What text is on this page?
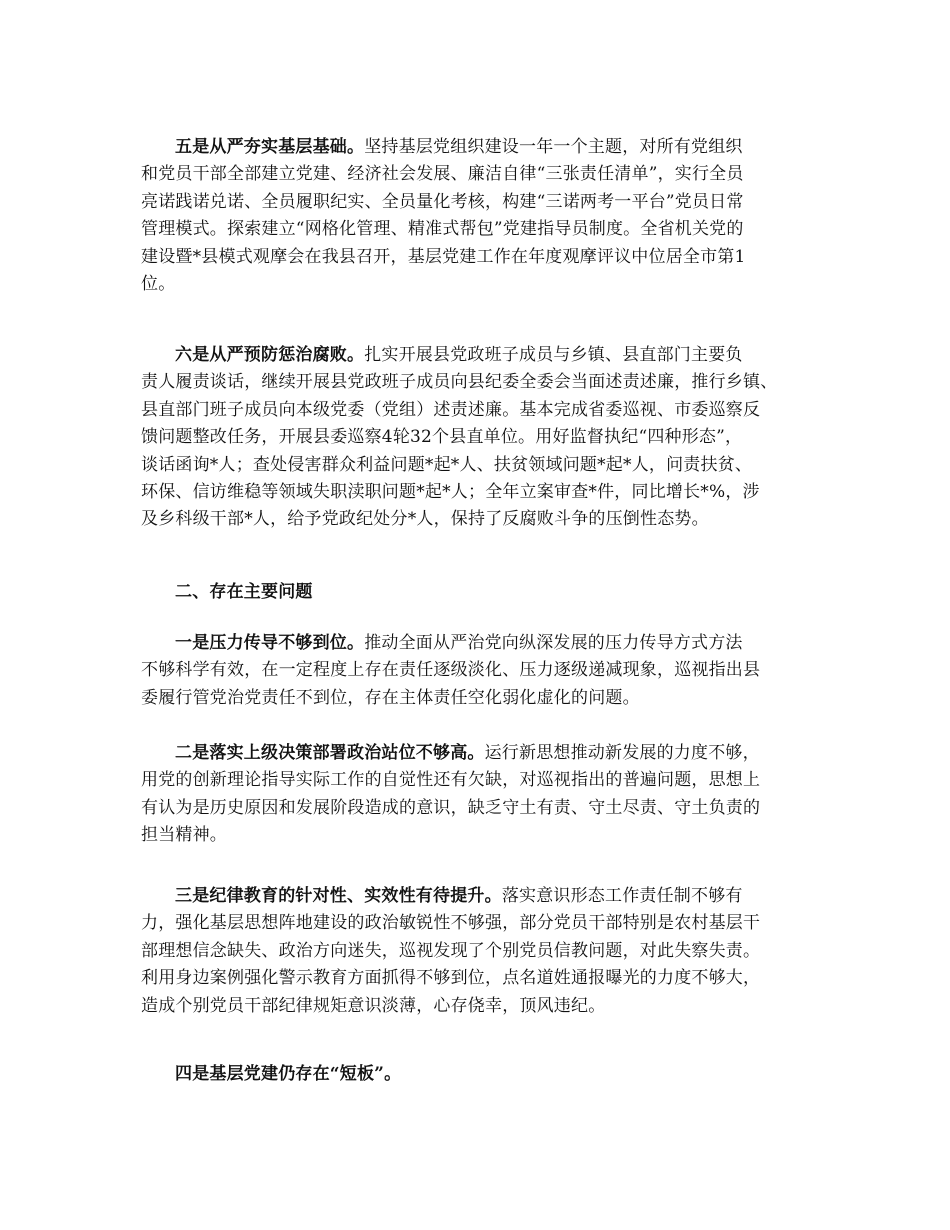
五是从严夯实基层基础。坚持基层党组织建设一年一个主题，对所有党组织
和党员干部全部建立党建、经济社会发展、廉洁自律“三张责任清单”，实行全员
亮诺践诺兑诺、全员履职纪实、全员量化考核，构建“三诺两考一平台”党员日常
管理模式。探索建立“网格化管理、精准式帮包”党建指导员制度。全省机关党的
建设暨*县模式观摩会在我县召开，基层党建工作在年度观摩评议中位居全市第1
位。
六是从严预防惩治腐败。扎实开展县党政班子成员与乡镇、县直部门主要负
责人履责谈话，继续开展县党政班子成员向县纪委全委会当面述责述廉，推行乡镇、
县直部门班子成员向本级党委（党组）述责述廉。基本完成省委巡视、市委巡察反
馈问题整改任务，开展县委巡察4轮32个县直单位。用好监督执纪“四种形态”，
谈话函询*人；查处侵害群众利益问题*起*人、扶贫领域问题*起*人，问责扶贫、
环保、信访维稳等领域失职渎职问题*起*人；全年立案审查*件，同比增长*%，涉
及乡科级干部*人，给予党政纪处分*人，保持了反腐败斗争的压倒性态势。
二、存在主要问题
一是压力传导不够到位。推动全面从严治党向纵深发展的压力传导方式方法
不够科学有效，在一定程度上存在责任逐级淡化、压力逐级递减现象，巡视指出县
委履行管党治党责任不到位，存在主体责任空化弱化虚化的问题。
二是落实上级决策部署政治站位不够高。运行新思想推动新发展的力度不够，
用党的创新理论指导实际工作的自觉性还有欠缺，对巡视指出的普遍问题，思想上
有认为是历史原因和发展阶段造成的意识，缺乏守土有责、守土尽责、守土负责的
担当精神。
三是纪律教育的针对性、实效性有待提升。落实意识形态工作责任制不够有
力，强化基层思想阵地建设的政治敏锐性不够强，部分党员干部特别是农村基层干
部理想信念缺失、政治方向迷失，巡视发现了个别党员信教问题，对此失察失责。
利用身边案例强化警示教育方面抓得不够到位，点名道姓通报曝光的力度不够大，
造成个别党员干部纪律规矩意识淡薄，心存侥幸，顶风违纪。
四是基层党建仍存在“短板”。
